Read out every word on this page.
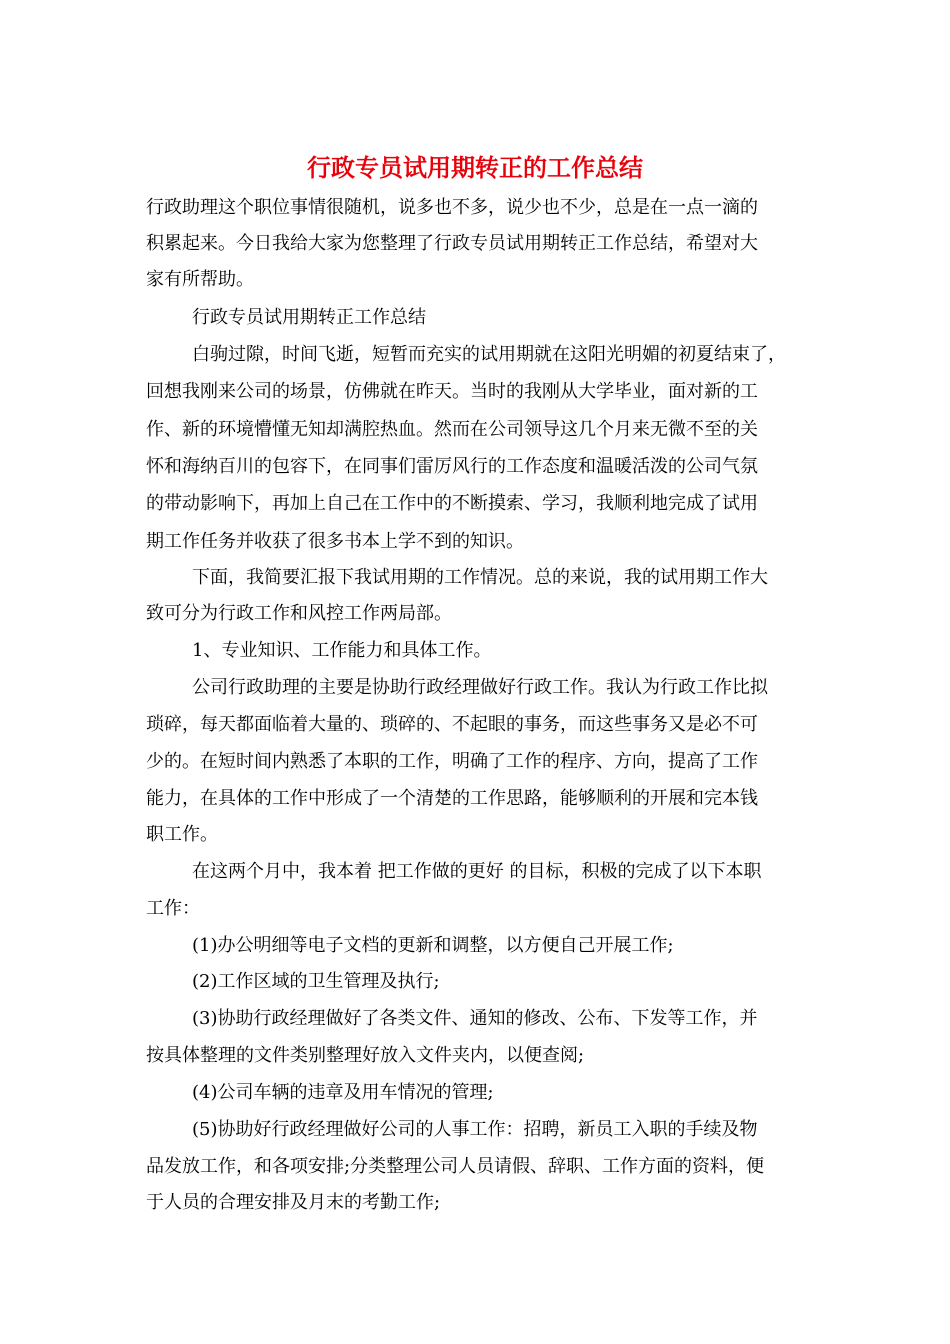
行政专员试用期转正的工作总结
行政助理这个职位事情很随机，说多也不多，说少也不少，总是在一点一滴的
积累起来。今日我给大家为您整理了行政专员试用期转正工作总结，希望对大
家有所帮助。
行政专员试用期转正工作总结
白驹过隙，时间飞逝，短暂而充实的试用期就在这阳光明媚的初夏结束了，
回想我刚来公司的场景，仿佛就在昨天。当时的我刚从大学毕业，面对新的工
作、新的环境懵懂无知却满腔热血。然而在公司领导这几个月来无微不至的关
怀和海纳百川的包容下，在同事们雷厉风行的工作态度和温暖活泼的公司气氛
的带动影响下，再加上自己在工作中的不断摸索、学习，我顺利地完成了试用
期工作任务并收获了很多书本上学不到的知识。
下面，我简要汇报下我试用期的工作情况。总的来说，我的试用期工作大
致可分为行政工作和风控工作两局部。
1、专业知识、工作能力和具体工作。
公司行政助理的主要是协助行政经理做好行政工作。我认为行政工作比拟
琐碎，每天都面临着大量的、琐碎的、不起眼的事务，而这些事务又是必不可
少的。在短时间内熟悉了本职的工作，明确了工作的程序、方向，提高了工作
能力，在具体的工作中形成了一个清楚的工作思路，能够顺利的开展和完本钱
职工作。
在这两个月中，我本着 把工作做的更好 的目标，积极的完成了以下本职
工作：
(1)办公明细等电子文档的更新和调整，以方便自己开展工作;
(2)工作区域的卫生管理及执行;
(3)协助行政经理做好了各类文件、通知的修改、公布、下发等工作，并
按具体整理的文件类别整理好放入文件夹内，以便查阅;
(4)公司车辆的违章及用车情况的管理;
(5)协助好行政经理做好公司的人事工作：招聘，新员工入职的手续及物
品发放工作，和各项安排;分类整理公司人员请假、辞职、工作方面的资料，便
于人员的合理安排及月末的考勤工作;
